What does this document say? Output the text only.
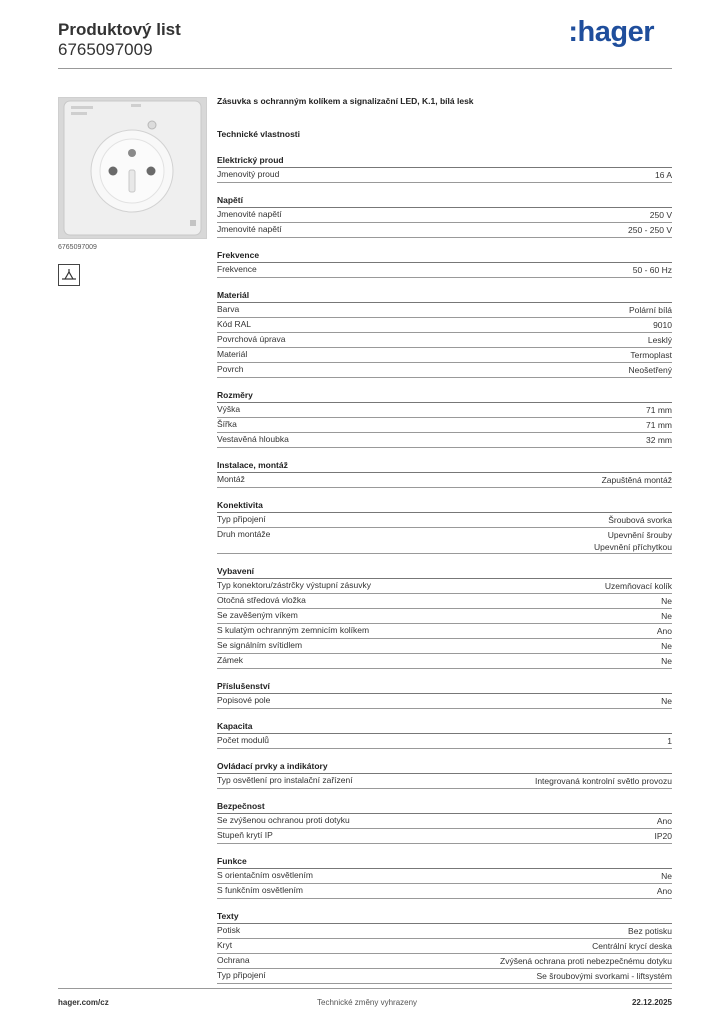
Produktový list
6765097009
:hager
6765097009
Zásuvka s ochranným kolíkem a signalizační LED, K.1, bílá lesk
Technické vlastnosti
Elektrický proud
Jmenovitý proud	16 A
Napětí
Jmenovité napětí	250 V
Jmenovité napětí	250 - 250 V
Frekvence
Frekvence	50 - 60 Hz
Materiál
Barva	Polární bílá
Kód RAL	9010
Povrchová úprava	Lesklý
Materiál	Termoplast
Povrch	Neošetřený
Rozměry
Výška	71 mm
Šířka	71 mm
Vestavěná hloubka	32 mm
Instalace, montáž
Montáž	Zapuštěná montáž
Konektivita
Typ připojení	Šroubová svorka
Druh montáže	Upevnění šrouby
Upevnění příchytkou
Vybavení
Typ konektoru/zástrčky výstupní zásuvky	Uzemňovací kolík
Otočná středová vložka	Ne
Se zavěšeným víkem	Ne
S kulatým ochranným zemnicím kolíkem	Ano
Se signálním svítidlem	Ne
Zámek	Ne
Příslušenství
Popisové pole	Ne
Kapacita
Počet modulů	1
Ovládací prvky a indikátory
Typ osvětlení pro instalační zařízení	Integrovaná kontrolní světlo provozu
Bezpečnost
Se zvýšenou ochranou proti dotyku	Ano
Stupeň krytí IP	IP20
Funkce
S orientačním osvětlením	Ne
S funkčním osvětlením	Ano
Texty
Potisk	Bez potisku
Kryt	Centrální krycí deska
Ochrana	Zvýšená ochrana proti nebezpečnému dotyku
Typ připojení	Se šroubovými svorkami - liftsystém
hager.com/cz	Technické změny vyhrazeny	22.12.2025
